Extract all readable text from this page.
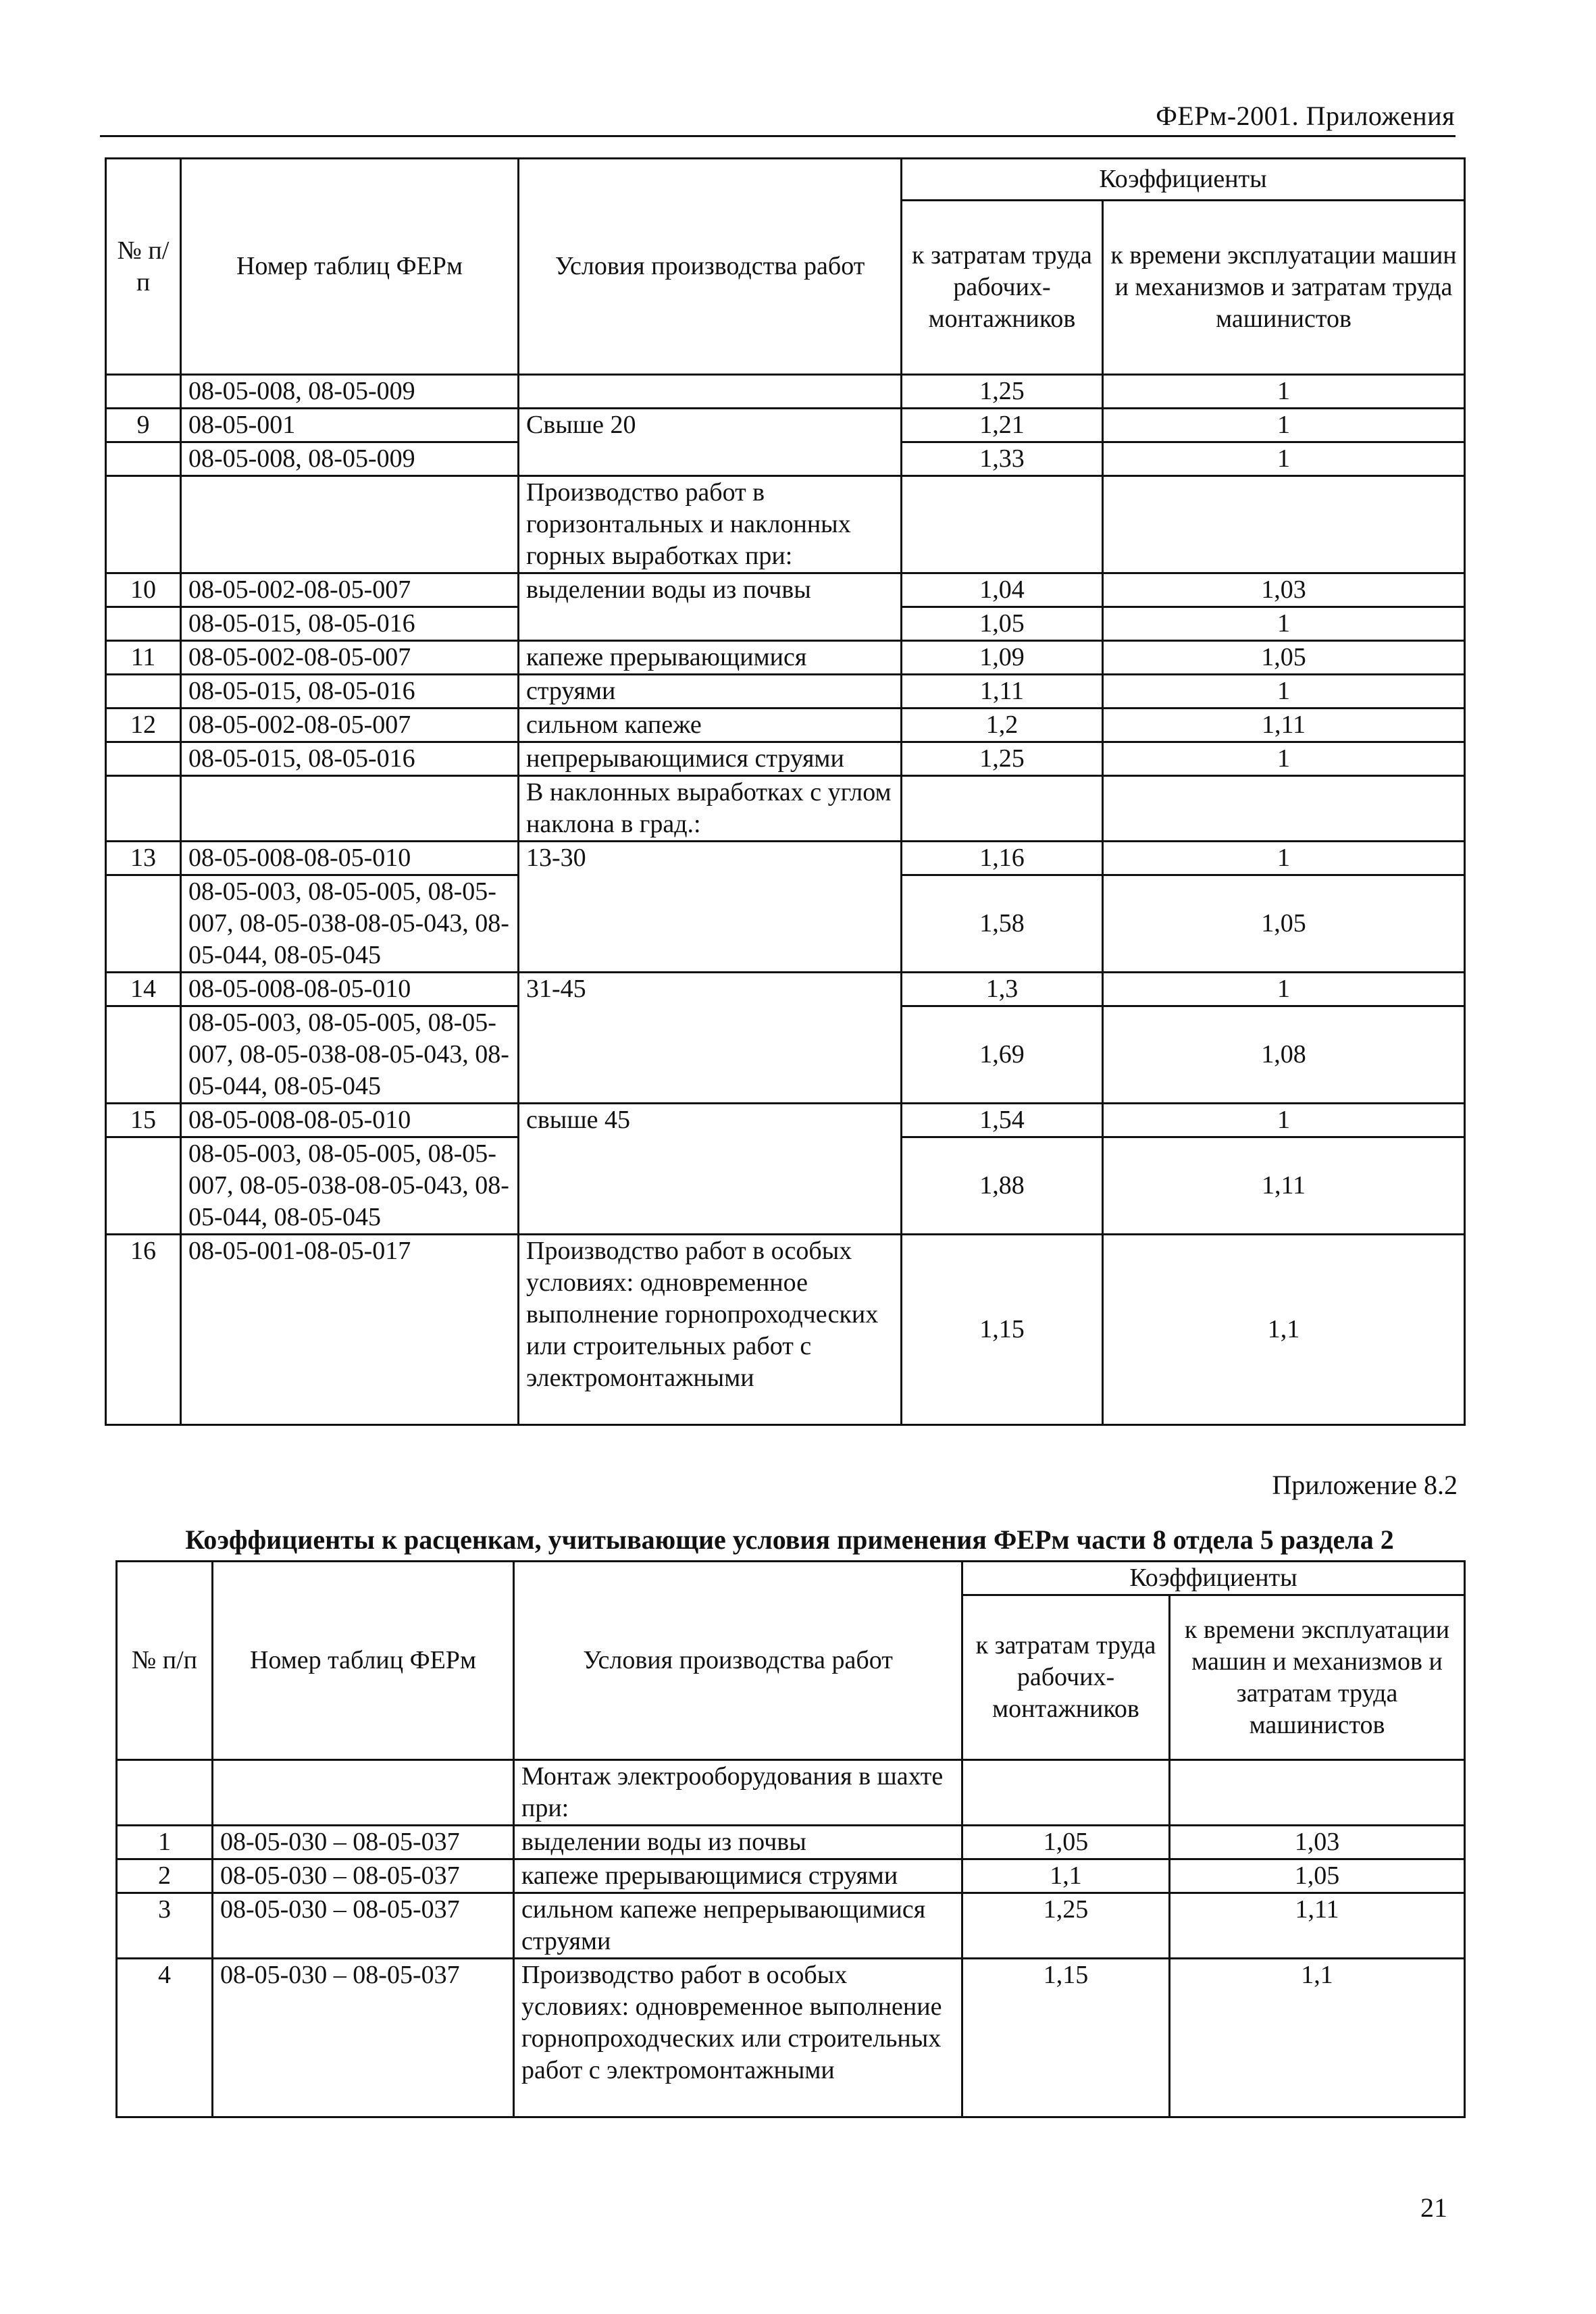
ФЕРм-2001. Приложения
№ п/п	Номер таблиц ФЕРм	Условия производства работ	Коэффициенты	
			к затратам труда рабочих-монтажников	к времени эксплуатации машин и механизмов и затратам труда машинистов
	08-05-008, 08-05-009		1,25	1
9	08-05-001	Свыше 20	1,21	1
	08-05-008, 08-05-009		1,33	1
		Производство работ в горизонтальных и наклонных горных выработках при:		
10	08-05-002-08-05-007	выделении воды из почвы	1,04	1,03
	08-05-015, 08-05-016		1,05	1
11	08-05-002-08-05-007	капеже прерывающимися	1,09	1,05
	08-05-015, 08-05-016	струями	1,11	1
12	08-05-002-08-05-007	сильном капеже	1,2	1,11
	08-05-015, 08-05-016	непрерывающимися струями	1,25	1
		В наклонных выработках с углом наклона в град.:		
13	08-05-008-08-05-010	13-30	1,16	1
	08-05-003, 08-05-005, 08-05-007, 08-05-038-08-05-043, 08-05-044, 08-05-045		1,58	1,05
14	08-05-008-08-05-010	31-45	1,3	1
	08-05-003, 08-05-005, 08-05-007, 08-05-038-08-05-043, 08-05-044, 08-05-045		1,69	1,08
15	08-05-008-08-05-010	свыше 45	1,54	1
	08-05-003, 08-05-005, 08-05-007, 08-05-038-08-05-043, 08-05-044, 08-05-045		1,88	1,11
16	08-05-001-08-05-017	Производство работ в особых условиях: одновременное выполнение горнопроходческих или строительных работ с электромонтажными	1,15	1,1
Приложение 8.2
Коэффициенты к расценкам, учитывающие условия применения ФЕРм части 8 отдела 5 раздела 2
№ п/п	Номер таблиц ФЕРм	Условия производства работ	Коэффициенты	
			к затратам труда рабочих-монтажников	к времени эксплуатации машин и механизмов и затратам труда машинистов
		Монтаж электрооборудования в шахте при:		
1	08-05-030 – 08-05-037	выделении воды из почвы	1,05	1,03
2	08-05-030 – 08-05-037	капеже прерывающимися струями	1,1	1,05
3	08-05-030 – 08-05-037	сильном капеже непрерывающимися струями	1,25	1,11
4	08-05-030 – 08-05-037	Производство работ в особых условиях: одновременное выполнение горнопроходческих или строительных работ с электромонтажными	1,15	1,1
21
